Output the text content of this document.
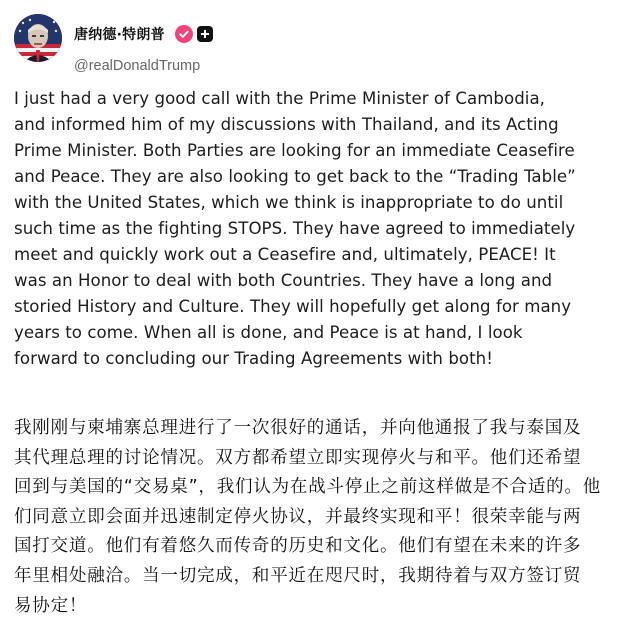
唐纳德·特朗普
@realDonaldTrump
I just had a very good call with the Prime Minister of Cambodia,
and informed him of my discussions with Thailand, and its Acting
Prime Minister. Both Parties are looking for an immediate Ceasefire
and Peace. They are also looking to get back to the “Trading Table”
with the United States, which we think is inappropriate to do until
such time as the fighting STOPS. They have agreed to immediately
meet and quickly work out a Ceasefire and, ultimately, PEACE! It
was an Honor to deal with both Countries. They have a long and
storied History and Culture. They will hopefully get along for many
years to come. When all is done, and Peace is at hand, I look
forward to concluding our Trading Agreements with both!
我刚刚与柬埔寨总理进行了一次很好的通话，并向他通报了我与泰国及
其代理总理的讨论情况。双方都希望立即实现停火与和平。他们还希望
回到与美国的“交易桌”，我们认为在战斗停止之前这样做是不合适的。他
们同意立即会面并迅速制定停火协议，并最终实现和平！很荣幸能与两
国打交道。他们有着悠久而传奇的历史和文化。他们有望在未来的许多
年里相处融洽。当一切完成，和平近在咫尺时，我期待着与双方签订贸
易协定！
